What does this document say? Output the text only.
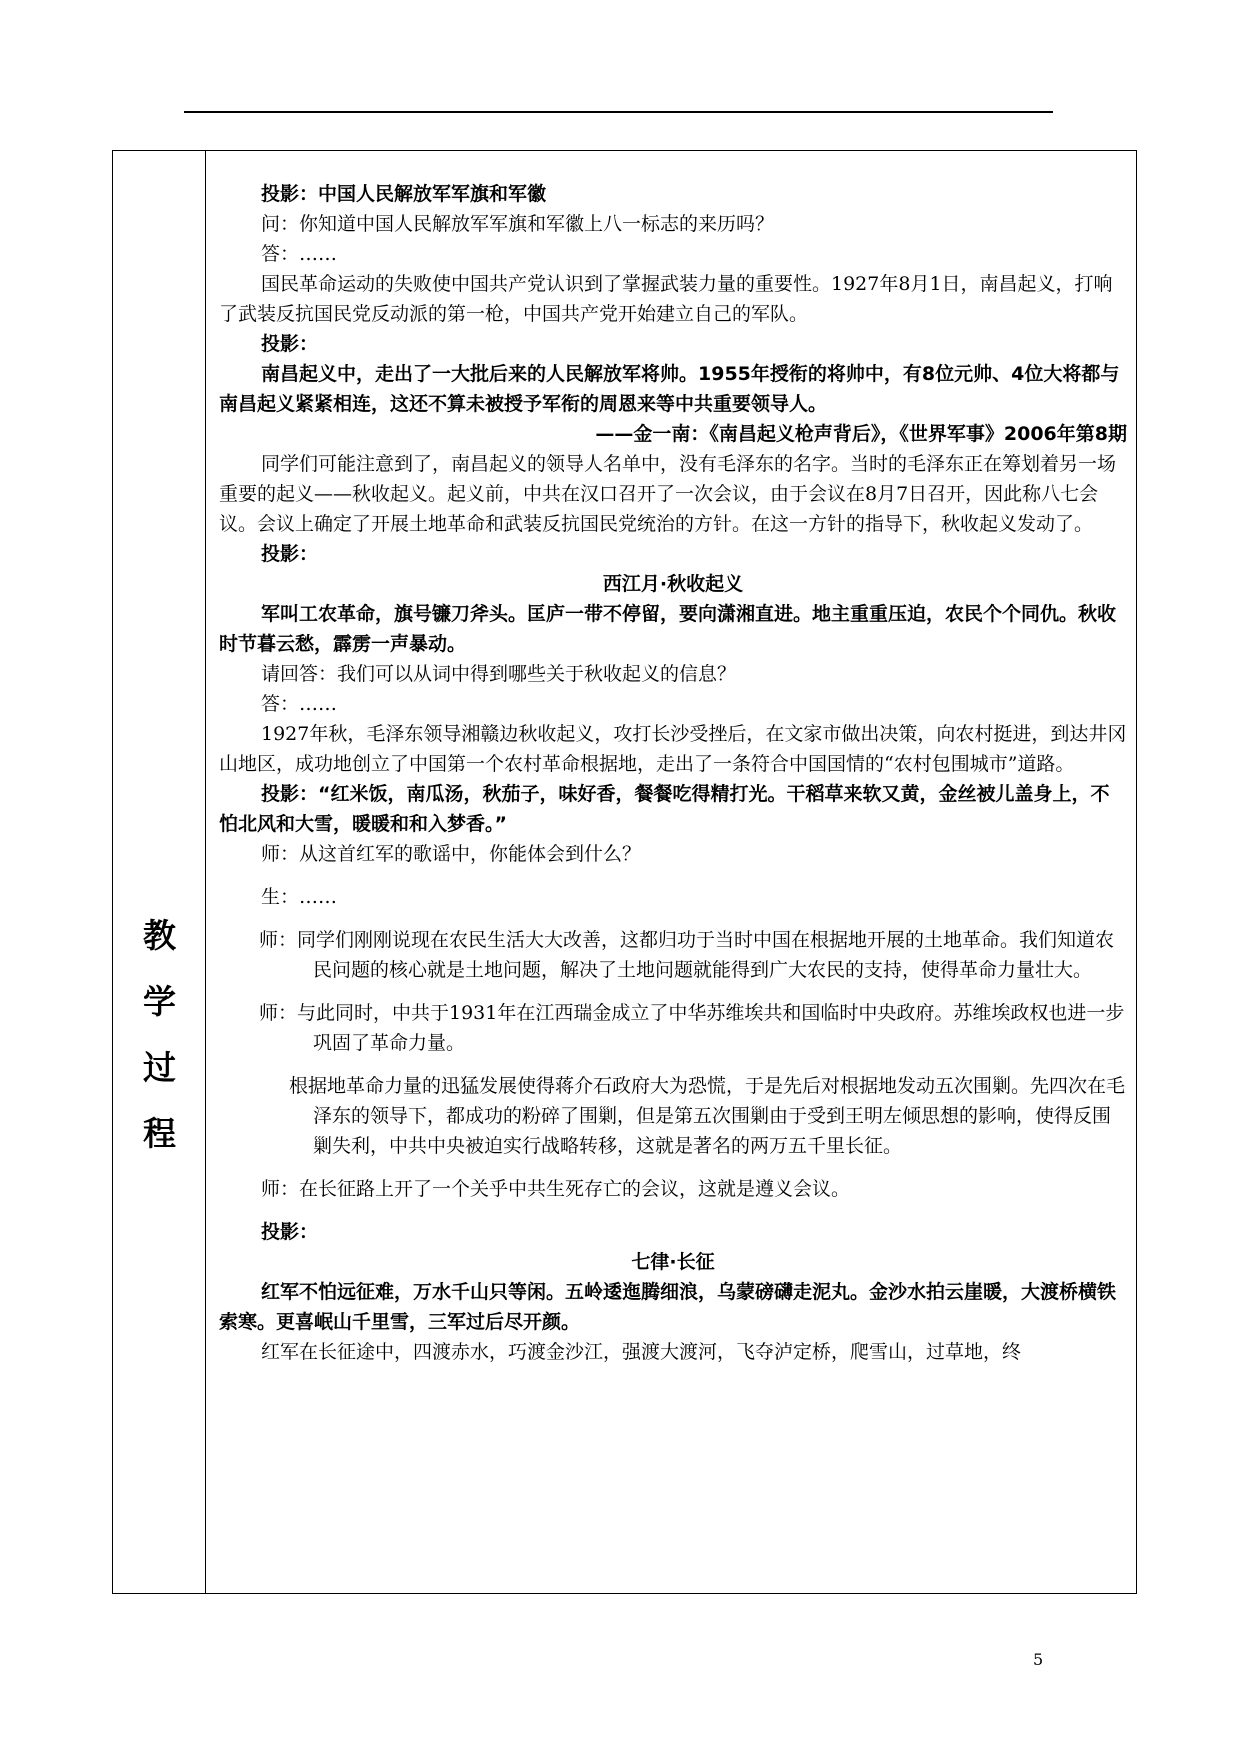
教
学
过
程

投影：中国人民解放军军旗和军徽

问：你知道中国人民解放军军旗和军徽上八一标志的来历吗？

答：……

国民革命运动的失败使中国共产党认识到了掌握武装力量的重要性。1927年8月1日，南昌起义，打响了武装反抗国民党反动派的第一枪，中国共产党开始建立自己的军队。

投影：

南昌起义中，走出了一大批后来的人民解放军将帅。1955年授衔的将帅中，有8位元帅、4位大将都与南昌起义紧紧相连，这还不算未被授予军衔的周恩来等中共重要领导人。

——金一南：《南昌起义枪声背后》，《世界军事》2006年第8期

同学们可能注意到了，南昌起义的领导人名单中，没有毛泽东的名字。当时的毛泽东正在筹划着另一场重要的起义——秋收起义。起义前，中共在汉口召开了一次会议，由于会议在8月7日召开，因此称八七会议。会议上确定了开展土地革命和武装反抗国民党统治的方针。在这一方针的指导下，秋收起义发动了。

投影：

西江月·秋收起义

军叫工农革命，旗号镰刀斧头。匡庐一带不停留，要向潇湘直进。地主重重压迫，农民个个同仇。秋收时节暮云愁，霹雳一声暴动。

请回答：我们可以从词中得到哪些关于秋收起义的信息？

答：……

1927年秋，毛泽东领导湘赣边秋收起义，攻打长沙受挫后，在文家市做出决策，向农村挺进，到达井冈山地区，成功地创立了中国第一个农村革命根据地，走出了一条符合中国国情的“农村包围城市”道路。

投影：“红米饭，南瓜汤，秋茄子，味好香，餐餐吃得精打光。干稻草来软又黄，金丝被儿盖身上，不怕北风和大雪，暖暖和和入梦香。”

师：从这首红军的歌谣中，你能体会到什么？

生：……

师：同学们刚刚说现在农民生活大大改善，这都归功于当时中国在根据地开展的土地革命。我们知道农民问题的核心就是土地问题，解决了土地问题就能得到广大农民的支持，使得革命力量壮大。

师：与此同时，中共于1931年在江西瑞金成立了中华苏维埃共和国临时中央政府。苏维埃政权也进一步巩固了革命力量。

根据地革命力量的迅猛发展使得蒋介石政府大为恐慌，于是先后对根据地发动五次围剿。先四次在毛泽东的领导下，都成功的粉碎了围剿，但是第五次围剿由于受到王明左倾思想的影响，使得反围剿失利，中共中央被迫实行战略转移，这就是著名的两万五千里长征。

师：在长征路上开了一个关乎中共生死存亡的会议，这就是遵义会议。

投影：

七律·长征

红军不怕远征难，万水千山只等闲。五岭逶迤腾细浪，乌蒙磅礴走泥丸。金沙水拍云崖暖，大渡桥横铁索寒。更喜岷山千里雪，三军过后尽开颜。

红军在长征途中，四渡赤水，巧渡金沙江，强渡大渡河，飞夺泸定桥，爬雪山，过草地，终

5
